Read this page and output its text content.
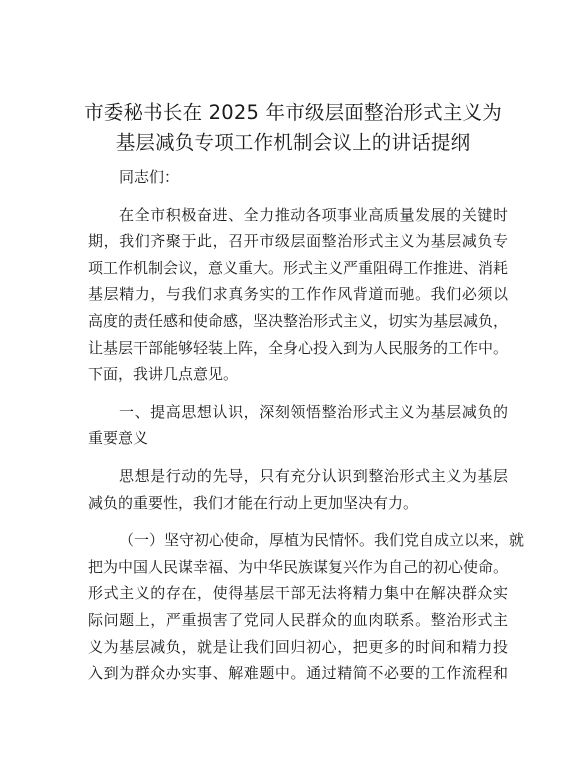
市委秘书长在 2025 年市级层面整治形式主义为
基层减负专项工作机制会议上的讲话提纲
同志们：
在全市积极奋进、全力推动各项事业高质量发展的关键时
期，我们齐聚于此，召开市级层面整治形式主义为基层减负专
项工作机制会议，意义重大。形式主义严重阻碍工作推进、消耗
基层精力，与我们求真务实的工作作风背道而驰。我们必须以
高度的责任感和使命感，坚决整治形式主义，切实为基层减负，
让基层干部能够轻装上阵，全身心投入到为人民服务的工作中。
下面，我讲几点意见。
一、提高思想认识，深刻领悟整治形式主义为基层减负的
重要意义
思想是行动的先导，只有充分认识到整治形式主义为基层
减负的重要性，我们才能在行动上更加坚决有力。
（一）坚守初心使命，厚植为民情怀。我们党自成立以来，就
把为中国人民谋幸福、为中华民族谋复兴作为自己的初心使命。
形式主义的存在，使得基层干部无法将精力集中在解决群众实
际问题上，严重损害了党同人民群众的血肉联系。整治形式主
义为基层减负，就是让我们回归初心，把更多的时间和精力投
入到为群众办实事、解难题中。通过精简不必要的工作流程和
